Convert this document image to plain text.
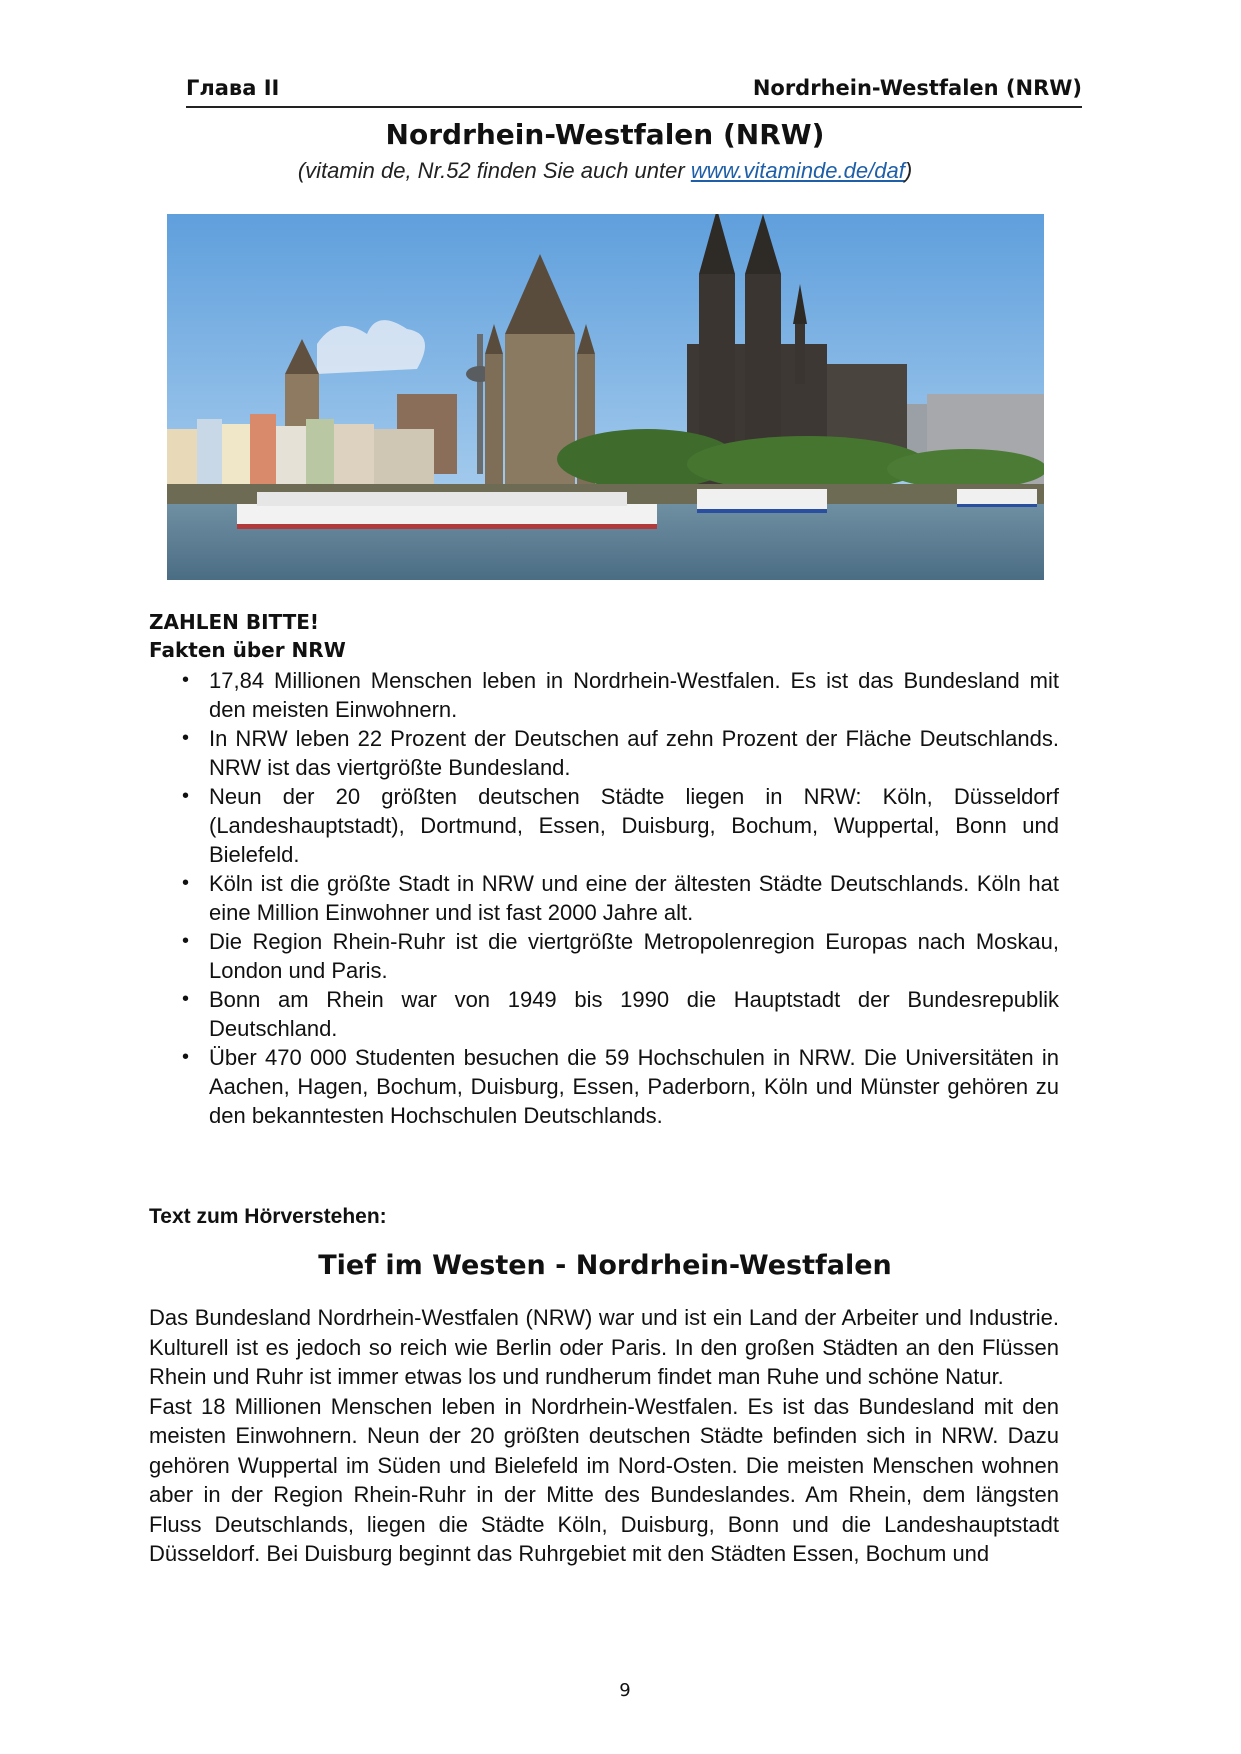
Глава II	Nordrhein-Westfalen (NRW)
Nordrhein-Westfalen (NRW)
(vitamin de, Nr.52 finden Sie auch unter www.vitaminde.de/daf)
ZAHLEN BITTE!
Fakten über NRW
• 17,84 Millionen Menschen leben in Nordrhein-Westfalen. Es ist das Bundesland mit den meisten Einwohnern.
• In NRW leben 22 Prozent der Deutschen auf zehn Prozent der Fläche Deutschlands. NRW ist das viertgrößte Bundesland.
• Neun der 20 größten deutschen Städte liegen in NRW: Köln, Düsseldorf (Landeshauptstadt), Dortmund, Essen, Duisburg, Bochum, Wuppertal, Bonn und Bielefeld.
• Köln ist die größte Stadt in NRW und eine der ältesten Städte Deutschlands. Köln hat eine Million Einwohner und ist fast 2000 Jahre alt.
• Die Region Rhein-Ruhr ist die viertgrößte Metropolenregion Europas nach Moskau, London und Paris.
• Bonn am Rhein war von 1949 bis 1990 die Hauptstadt der Bundesrepublik Deutschland.
• Über 470 000 Studenten besuchen die 59 Hochschulen in NRW. Die Universitäten in Aachen, Hagen, Bochum, Duisburg, Essen, Paderborn, Köln und Münster gehören zu den bekanntesten Hochschulen Deutschlands.
Text zum Hörverstehen:
Tief im Westen - Nordrhein-Westfalen

Das Bundesland Nordrhein-Westfalen (NRW) war und ist ein Land der Arbeiter und Industrie. Kulturell ist es jedoch so reich wie Berlin oder Paris. In den großen Städten an den Flüssen Rhein und Ruhr ist immer etwas los und rundherum findet man Ruhe und schöne Natur.

Fast 18 Millionen Menschen leben in Nordrhein-Westfalen. Es ist das Bundesland mit den meisten Einwohnern. Neun der 20 größten deutschen Städte befinden sich in NRW. Dazu gehören Wuppertal im Süden und Bielefeld im Nord-Osten. Die meisten Menschen wohnen aber in der Region Rhein-Ruhr in der Mitte des Bundeslandes. Am Rhein, dem längsten Fluss Deutschlands, liegen die Städte Köln, Duisburg, Bonn und die Landeshauptstadt Düsseldorf. Bei Duisburg beginnt das Ruhrgebiet mit den Städten Essen, Bochum und

9
